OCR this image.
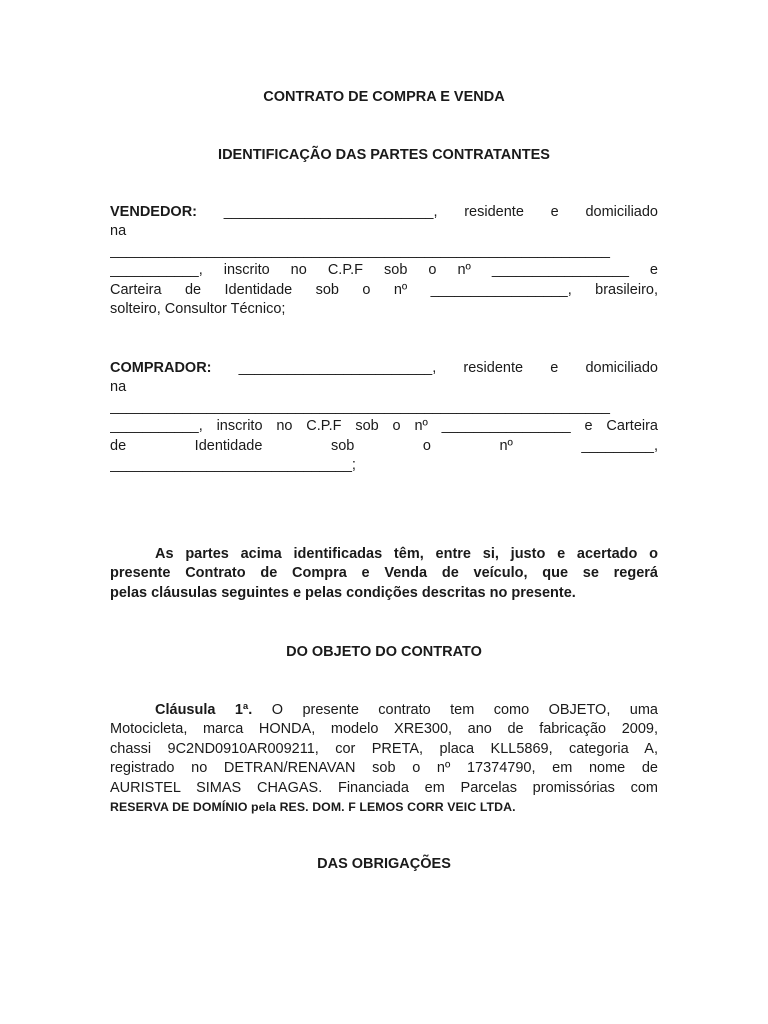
CONTRATO DE COMPRA E VENDA
IDENTIFICAÇÃO DAS PARTES CONTRATANTES
VENDEDOR: __________________________, residente e domiciliado
na
______________________________________________________________
___________, inscrito no C.P.F sob o nº _________________ e
Carteira de Identidade sob o nº _________________, brasileiro,
solteiro, Consultor Técnico;
COMPRADOR: ________________________, residente e domiciliado
na
______________________________________________________________
___________, inscrito no C.P.F sob o nº ________________ e Carteira
de Identidade sob o nº _________,
______________________________;
As partes acima identificadas têm, entre si, justo e acertado o
presente Contrato de Compra e Venda de veículo, que se regerá
pelas cláusulas seguintes e pelas condições descritas no presente.
DO OBJETO DO CONTRATO
Cláusula 1ª. O presente contrato tem como OBJETO, uma
Motocicleta, marca HONDA, modelo XRE300, ano de fabricação 2009,
chassi 9C2ND0910AR009211, cor PRETA, placa KLL5869, categoria A,
registrado no DETRAN/RENAVAN sob o nº 17374790, em nome de
AURISTEL SIMAS CHAGAS. Financiada em Parcelas promissórias com
RESERVA DE DOMÍNIO pela RES. DOM. F LEMOS CORR VEIC LTDA.
DAS OBRIGAÇÕES
